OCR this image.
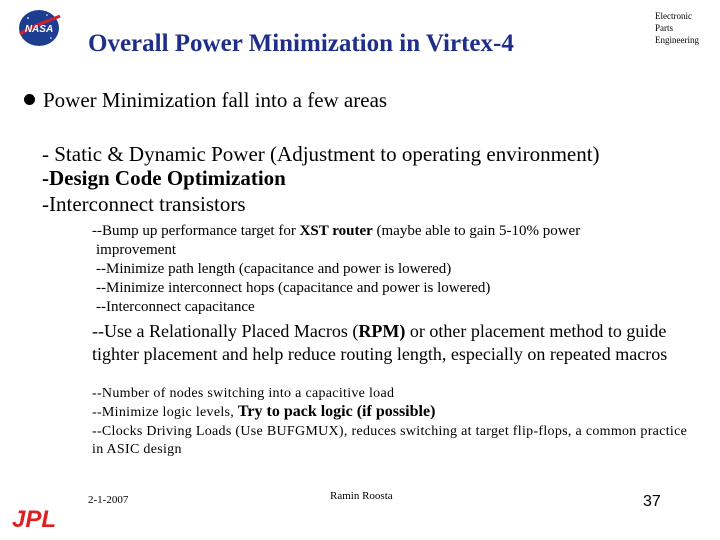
NASA
Overall Power Minimization in Virtex-4
Electronic
Parts
Engineering
Power Minimization fall into a few areas
- Static & Dynamic Power (Adjustment to operating environment)
-Design Code Optimization
-Interconnect transistors
--Bump up performance target for XST router (maybe able to gain 5-10% power
improvement
--Minimize path length (capacitance and power is lowered)
--Minimize interconnect hops (capacitance and power is lowered)
--Interconnect capacitance
--Use a Relationally Placed Macros (RPM) or other placement method to guide tighter placement and help reduce routing length, especially on repeated macros
--Number of nodes switching into a capacitive load
--Minimize logic levels, Try to pack logic (if possible)
--Clocks Driving Loads (Use BUFGMUX), reduces switching at target flip-flops, a common practice in ASIC design
2-1-2007	Ramin Roosta	37
JPL
